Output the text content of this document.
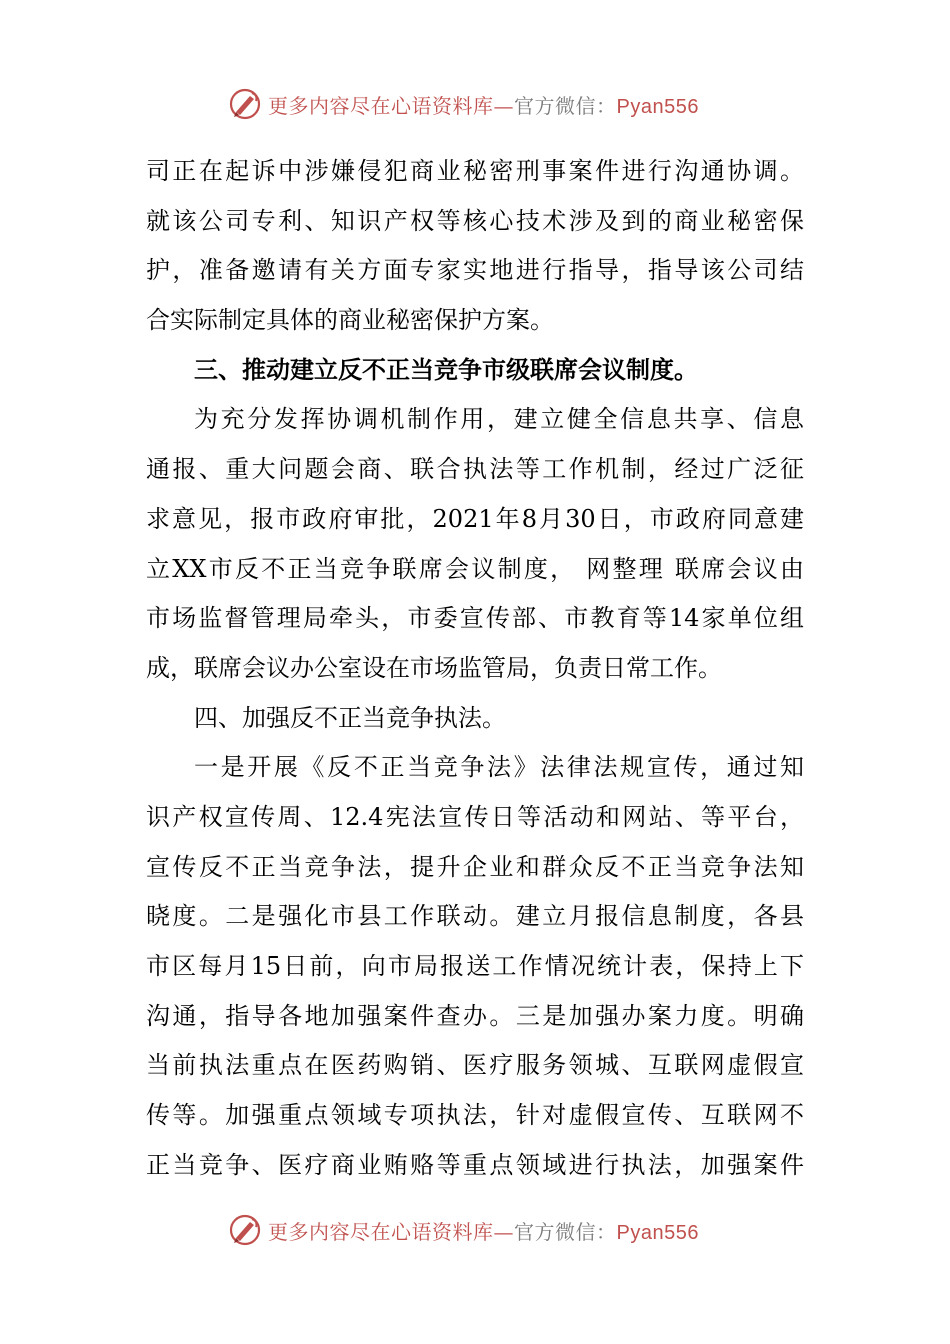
更多内容尽在心语资料库—官方微信：Pyan556
司正在起诉中涉嫌侵犯商业秘密刑事案件进行沟通协调。
就该公司专利、知识产权等核心技术涉及到的商业秘密保
护，准备邀请有关方面专家实地进行指导，指导该公司结
合实际制定具体的商业秘密保护方案。
三、推动建立反不正当竞争市级联席会议制度。
为充分发挥协调机制作用，建立健全信息共享、信息
通报、重大问题会商、联合执法等工作机制，经过广泛征
求意见，报市政府审批，2021年8月30日，市政府同意建
立XX市反不正当竞争联席会议制度， 网整理 联席会议由
市场监督管理局牵头，市委宣传部、市教育等14家单位组
成，联席会议办公室设在市场监管局，负责日常工作。
四、加强反不正当竞争执法。
一是开展《反不正当竞争法》法律法规宣传，通过知
识产权宣传周、12.4宪法宣传日等活动和网站、等平台，
宣传反不正当竞争法，提升企业和群众反不正当竞争法知
晓度。二是强化市县工作联动。建立月报信息制度，各县
市区每月15日前，向市局报送工作情况统计表，保持上下
沟通，指导各地加强案件查办。三是加强办案力度。明确
当前执法重点在医药购销、医疗服务领城、互联网虚假宣
传等。加强重点领域专项执法，针对虚假宣传、互联网不
正当竞争、医疗商业贿赂等重点领域进行执法，加强案件
更多内容尽在心语资料库—官方微信：Pyan556
